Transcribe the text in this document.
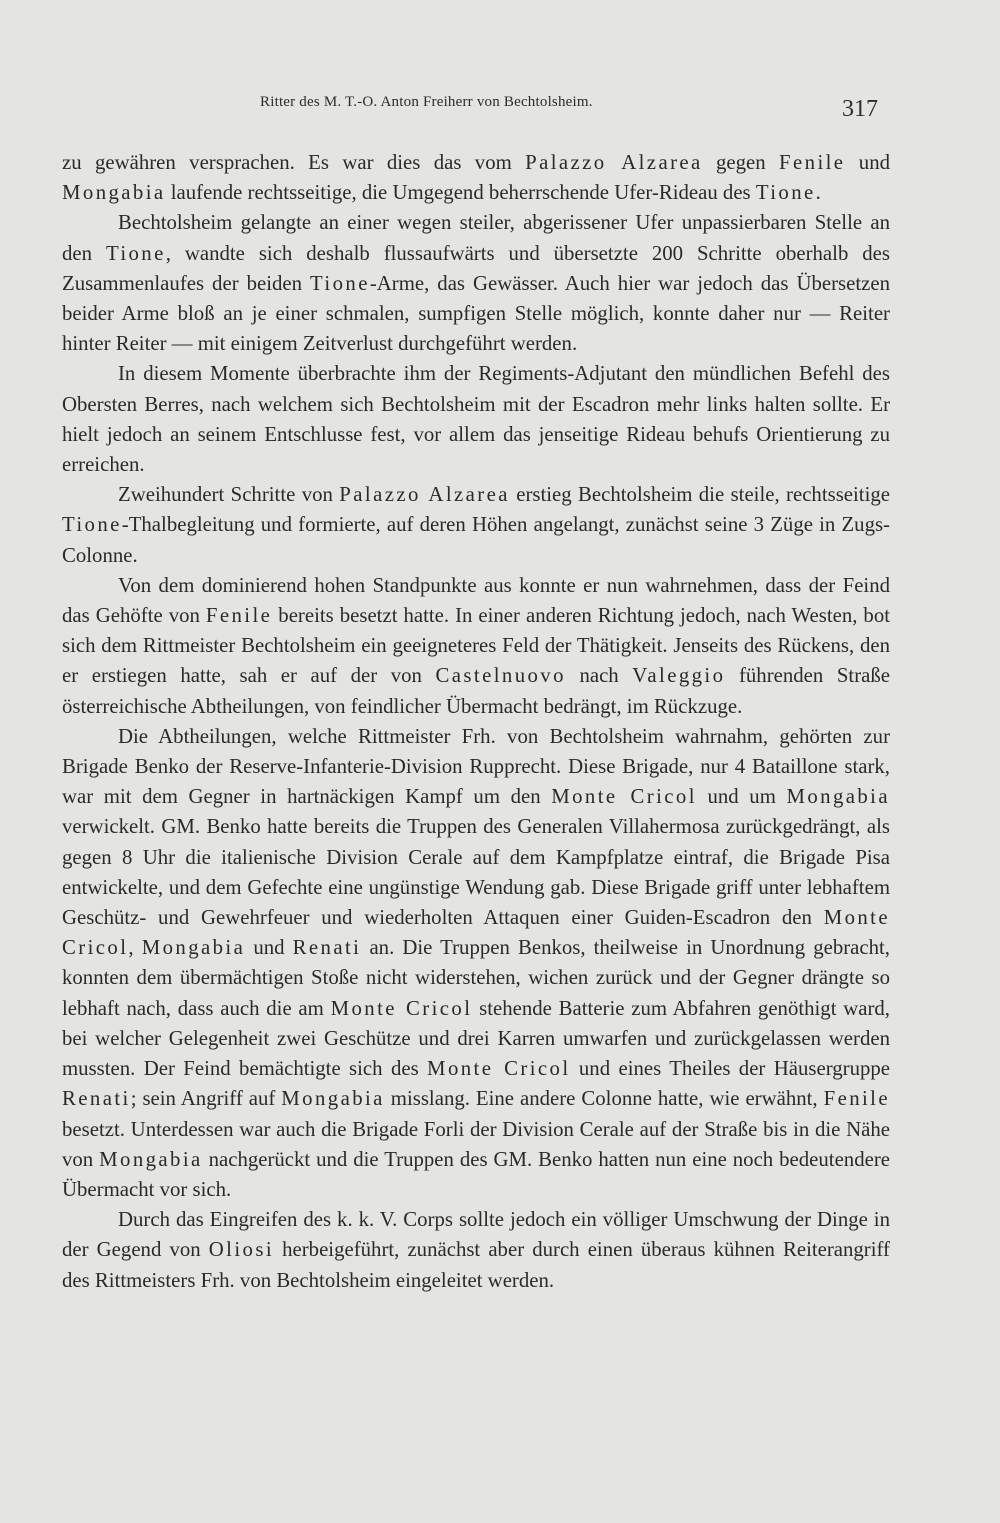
Ritter des M. T.-O. Anton Freiherr von Bechtolsheim.	317

zu gewähren versprachen. Es war dies das vom Palazzo Alzarea gegen Fenile und Mongabia laufende rechtsseitige, die Umgegend beherrschende Ufer-Rideau des Tione.

Bechtolsheim gelangte an einer wegen steiler, abgerissener Ufer unpassierbaren Stelle an den Tione, wandte sich deshalb flussaufwärts und übersetzte 200 Schritte oberhalb des Zusammenlaufes der beiden Tione-Arme, das Gewässer. Auch hier war jedoch das Übersetzen beider Arme bloß an je einer schmalen, sumpfigen Stelle möglich, konnte daher nur — Reiter hinter Reiter — mit einigem Zeitverlust durchgeführt werden.

In diesem Momente überbrachte ihm der Regiments-Adjutant den mündlichen Befehl des Obersten Berres, nach welchem sich Bechtolsheim mit der Escadron mehr links halten sollte. Er hielt jedoch an seinem Entschlusse fest, vor allem das jenseitige Rideau behufs Orientierung zu erreichen.

Zweihundert Schritte von Palazzo Alzarea erstieg Bechtolsheim die steile, rechtsseitige Tione-Thalbegleitung und formierte, auf deren Höhen angelangt, zunächst seine 3 Züge in Zugs-Colonne.

Von dem dominierend hohen Standpunkte aus konnte er nun wahrnehmen, dass der Feind das Gehöfte von Fenile bereits besetzt hatte. In einer anderen Richtung jedoch, nach Westen, bot sich dem Rittmeister Bechtolsheim ein geeigneteres Feld der Thätigkeit. Jenseits des Rückens, den er erstiegen hatte, sah er auf der von Castelnuovo nach Valeggio führenden Straße österreichische Abtheilungen, von feindlicher Übermacht bedrängt, im Rückzuge.

Die Abtheilungen, welche Rittmeister Frh. von Bechtolsheim wahrnahm, gehörten zur Brigade Benko der Reserve-Infanterie-Division Rupprecht. Diese Brigade, nur 4 Bataillone stark, war mit dem Gegner in hartnäckigen Kampf um den Monte Cricol und um Mongabia verwickelt. GM. Benko hatte bereits die Truppen des Generalen Villahermosa zurückgedrängt, als gegen 8 Uhr die italienische Division Cerale auf dem Kampfplatze eintraf, die Brigade Pisa entwickelte, und dem Gefechte eine ungünstige Wendung gab. Diese Brigade griff unter lebhaftem Geschütz- und Gewehrfeuer und wiederholten Attaquen einer Guiden-Escadron den Monte Cricol, Mongabia und Renati an. Die Truppen Benkos, theilweise in Unordnung gebracht, konnten dem übermächtigen Stoße nicht widerstehen, wichen zurück und der Gegner drängte so lebhaft nach, dass auch die am Monte Cricol stehende Batterie zum Abfahren genöthigt ward, bei welcher Gelegenheit zwei Geschütze und drei Karren umwarfen und zurückgelassen werden mussten. Der Feind bemächtigte sich des Monte Cricol und eines Theiles der Häusergruppe Renati; sein Angriff auf Mongabia misslang. Eine andere Colonne hatte, wie erwähnt, Fenile besetzt. Unterdessen war auch die Brigade Forli der Division Cerale auf der Straße bis in die Nähe von Mongabia nachgerückt und die Truppen des GM. Benko hatten nun eine noch bedeutendere Übermacht vor sich.

Durch das Eingreifen des k. k. V. Corps sollte jedoch ein völliger Umschwung der Dinge in der Gegend von Oliosi herbeigeführt, zunächst aber durch einen überaus kühnen Reiterangriff des Rittmeisters Frh. von Bechtolsheim eingeleitet werden.
